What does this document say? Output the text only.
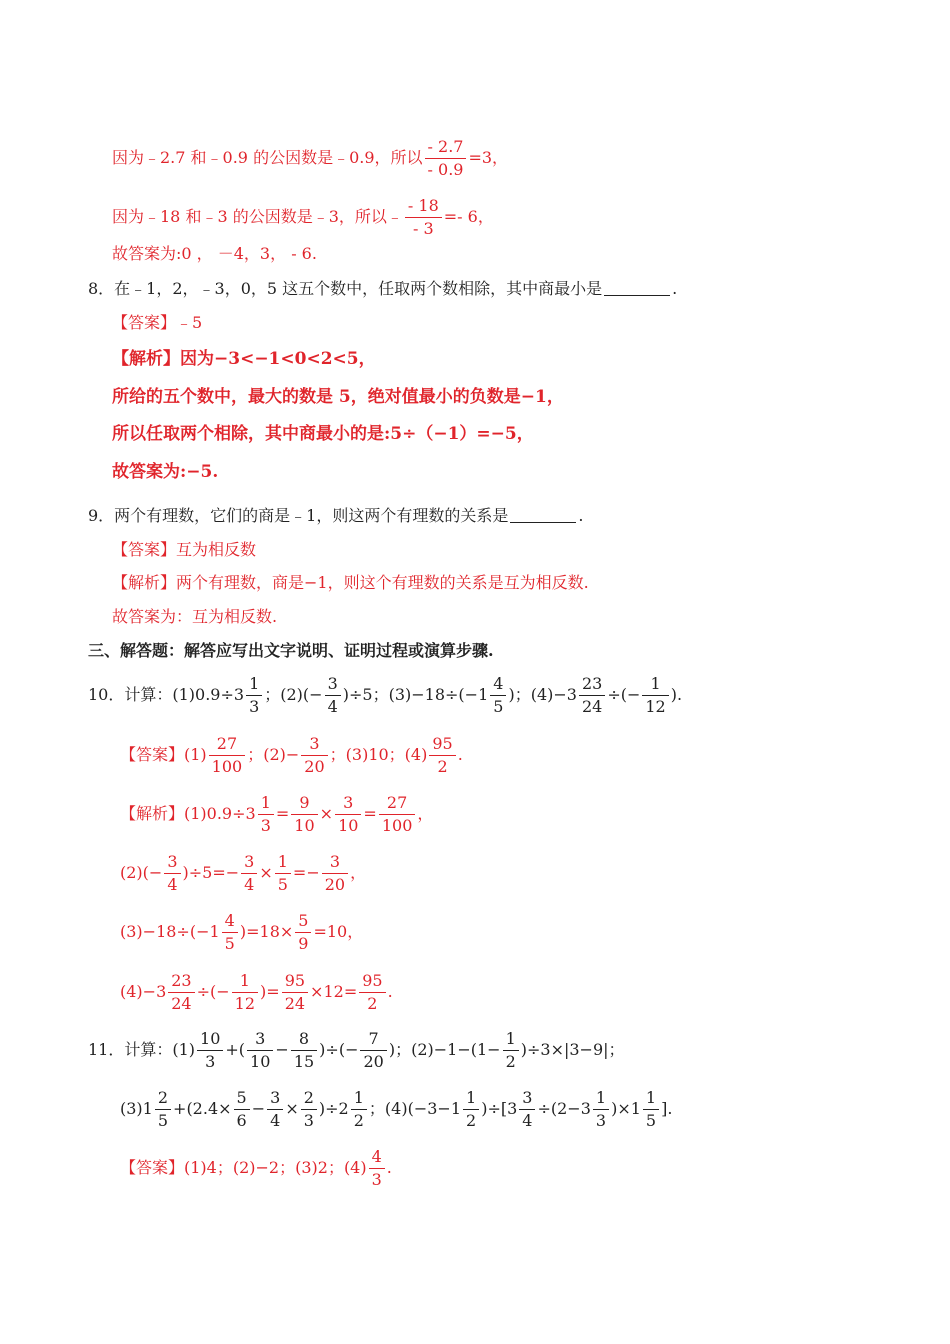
因为﹣2.7 和﹣0.9 的公因数是﹣0.9，所以 $\frac{- 2.7}{- 0.9} =3$，
因为﹣18 和﹣3 的公因数是﹣3，所以﹣ $\frac{- 18}{- 3} =- 6$，
故答案为:0 ， －4，3， - 6.
8．在﹣1，2，﹣3，0，5 这五个数中，任取两个数相除，其中商最小是	.
【答案】﹣5
【解析】因为−3<−1<0<2<5，
所给的五个数中，最大的数是 5，绝对值最小的负数是−1，
所以任取两个相除，其中商最小的是:5÷（−1）=−5，
故答案为:−5.
9．两个有理数，它们的商是﹣1，则这两个有理数的关系是	.
【答案】互为相反数
【解析】两个有理数，商是−1，则这个有理数的关系是互为相反数.
故答案为：互为相反数.
三、解答题：解答应写出文字说明、证明过程或演算步骤.
10．计算：$(1)0.9\div 3 \frac{1}{3}$ ；$(2)(- \frac{3}{4} )\div 5$；$(3)-18\div(-1 \frac{4}{5}$ )；$(4)-3 \frac{23}{24}$ ÷(− $\frac{1}{12}$ ).
【答案】$(1) \frac{27}{100}$ ；$(2)- \frac{3}{20}$ ；(3)10；$(4) \frac{95}{2}$ .
【解析】$(1)0.9\div 3 \frac{1}{3} = \frac{9}{10} \times \frac{3}{10} = \frac{27}{100}$ ，
$(2)(- \frac{3}{4} )\div 5=- \frac{3}{4} \times \frac{1}{5} =- \frac{3}{20}$ ，
$(3)-18\div(-1 \frac{4}{5} )=18\times \frac{5}{9} =10$，
$(4)-3 \frac{23}{24}$ ÷(− $\frac{1}{12}$ )= $\frac{95}{24} \times 12= \frac{95}{2}$ .
11．计算：$(1) \frac{10}{3}$ +( $\frac{3}{10} - \frac{8}{15}$ )÷(− $\frac{7}{20}$ )；$(2)-1-(1- \frac{1}{2} )\div 3\times|3-9|$；
$(3)1 \frac{2}{5} +(2.4\times \frac{5}{6} - \frac{3}{4} \times \frac{2}{3} )\div 2 \frac{1}{2}$ ；$(4)(-3-1 \frac{1}{2} )\div[3 \frac{3}{4} \div(2-3 \frac{1}{3} )\times 1 \frac{1}{5}$ ].
【答案】(1)4；(2)−2；(3)2；$(4) \frac{4}{3}$ .
